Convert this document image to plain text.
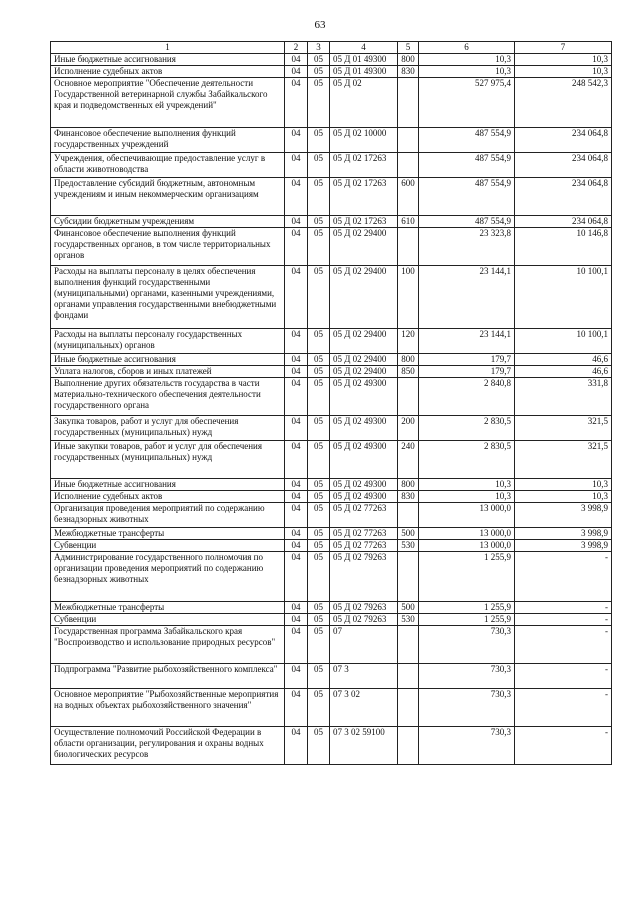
63
1	2	3	4	5	6	7
Иные бюджетные ассигнования	04	05	05 Д 01 49300	800	10,3	10,3
Исполнение судебных актов	04	05	05 Д 01 49300	830	10,3	10,3
Основное мероприятие "Обеспечение деятельности Государственной ветеринарной службы Забайкальского края и подведомственных ей учреждений"	04	05	05 Д 02		527 975,4	248 542,3
Финансовое обеспечение выполнения функций государственных учреждений	04	05	05 Д 02 10000		487 554,9	234 064,8
Учреждения, обеспечивающие предоставление услуг в области животноводства	04	05	05 Д 02 17263		487 554,9	234 064,8
Предоставление субсидий бюджетным, автономным учреждениям и иным некоммерческим организациям	04	05	05 Д 02 17263	600	487 554,9	234 064,8
Субсидии бюджетным учреждениям	04	05	05 Д 02 17263	610	487 554,9	234 064,8
Финансовое обеспечение выполнения функций государственных органов, в том числе территориальных органов	04	05	05 Д 02 29400		23 323,8	10 146,8
Расходы на выплаты персоналу в целях обеспечения выполнения функций государственными (муниципальными) органами, казенными учреждениями, органами управления государственными внебюджетными фондами	04	05	05 Д 02 29400	100	23 144,1	10 100,1
Расходы на выплаты персоналу государственных (муниципальных) органов	04	05	05 Д 02 29400	120	23 144,1	10 100,1
Иные бюджетные ассигнования	04	05	05 Д 02 29400	800	179,7	46,6
Уплата налогов, сборов и иных платежей	04	05	05 Д 02 29400	850	179,7	46,6
Выполнение других обязательств государства в части материально-технического обеспечения деятельности государственного органа	04	05	05 Д 02 49300		2 840,8	331,8
Закупка товаров, работ и услуг для обеспечения государственных (муниципальных) нужд	04	05	05 Д 02 49300	200	2 830,5	321,5
Иные закупки товаров, работ и услуг для обеспечения государственных (муниципальных) нужд	04	05	05 Д 02 49300	240	2 830,5	321,5
Иные бюджетные ассигнования	04	05	05 Д 02 49300	800	10,3	10,3
Исполнение судебных актов	04	05	05 Д 02 49300	830	10,3	10,3
Организация проведения мероприятий по содержанию безнадзорных животных	04	05	05 Д 02 77263		13 000,0	3 998,9
Межбюджетные трансферты	04	05	05 Д 02 77263	500	13 000,0	3 998,9
Субвенции	04	05	05 Д 02 77263	530	13 000,0	3 998,9
Администрирование государственного полномочия по организации проведения мероприятий по содержанию безнадзорных животных	04	05	05 Д 02 79263		1 255,9	-
Межбюджетные трансферты	04	05	05 Д 02 79263	500	1 255,9	-
Субвенции	04	05	05 Д 02 79263	530	1 255,9	-
Государственная программа Забайкальского края "Воспроизводство и использование природных ресурсов"	04	05	07		730,3	-
Подпрограмма "Развитие рыбохозяйственного комплекса"	04	05	07 3		730,3	-
Основное мероприятие "Рыбохозяйственные мероприятия на водных объектах рыбохозяйственного значения"	04	05	07 3 02		730,3	-
Осуществление полномочий Российской Федерации в области организации, регулирования и охраны водных биологических ресурсов	04	05	07 3 02 59100		730,3	-
